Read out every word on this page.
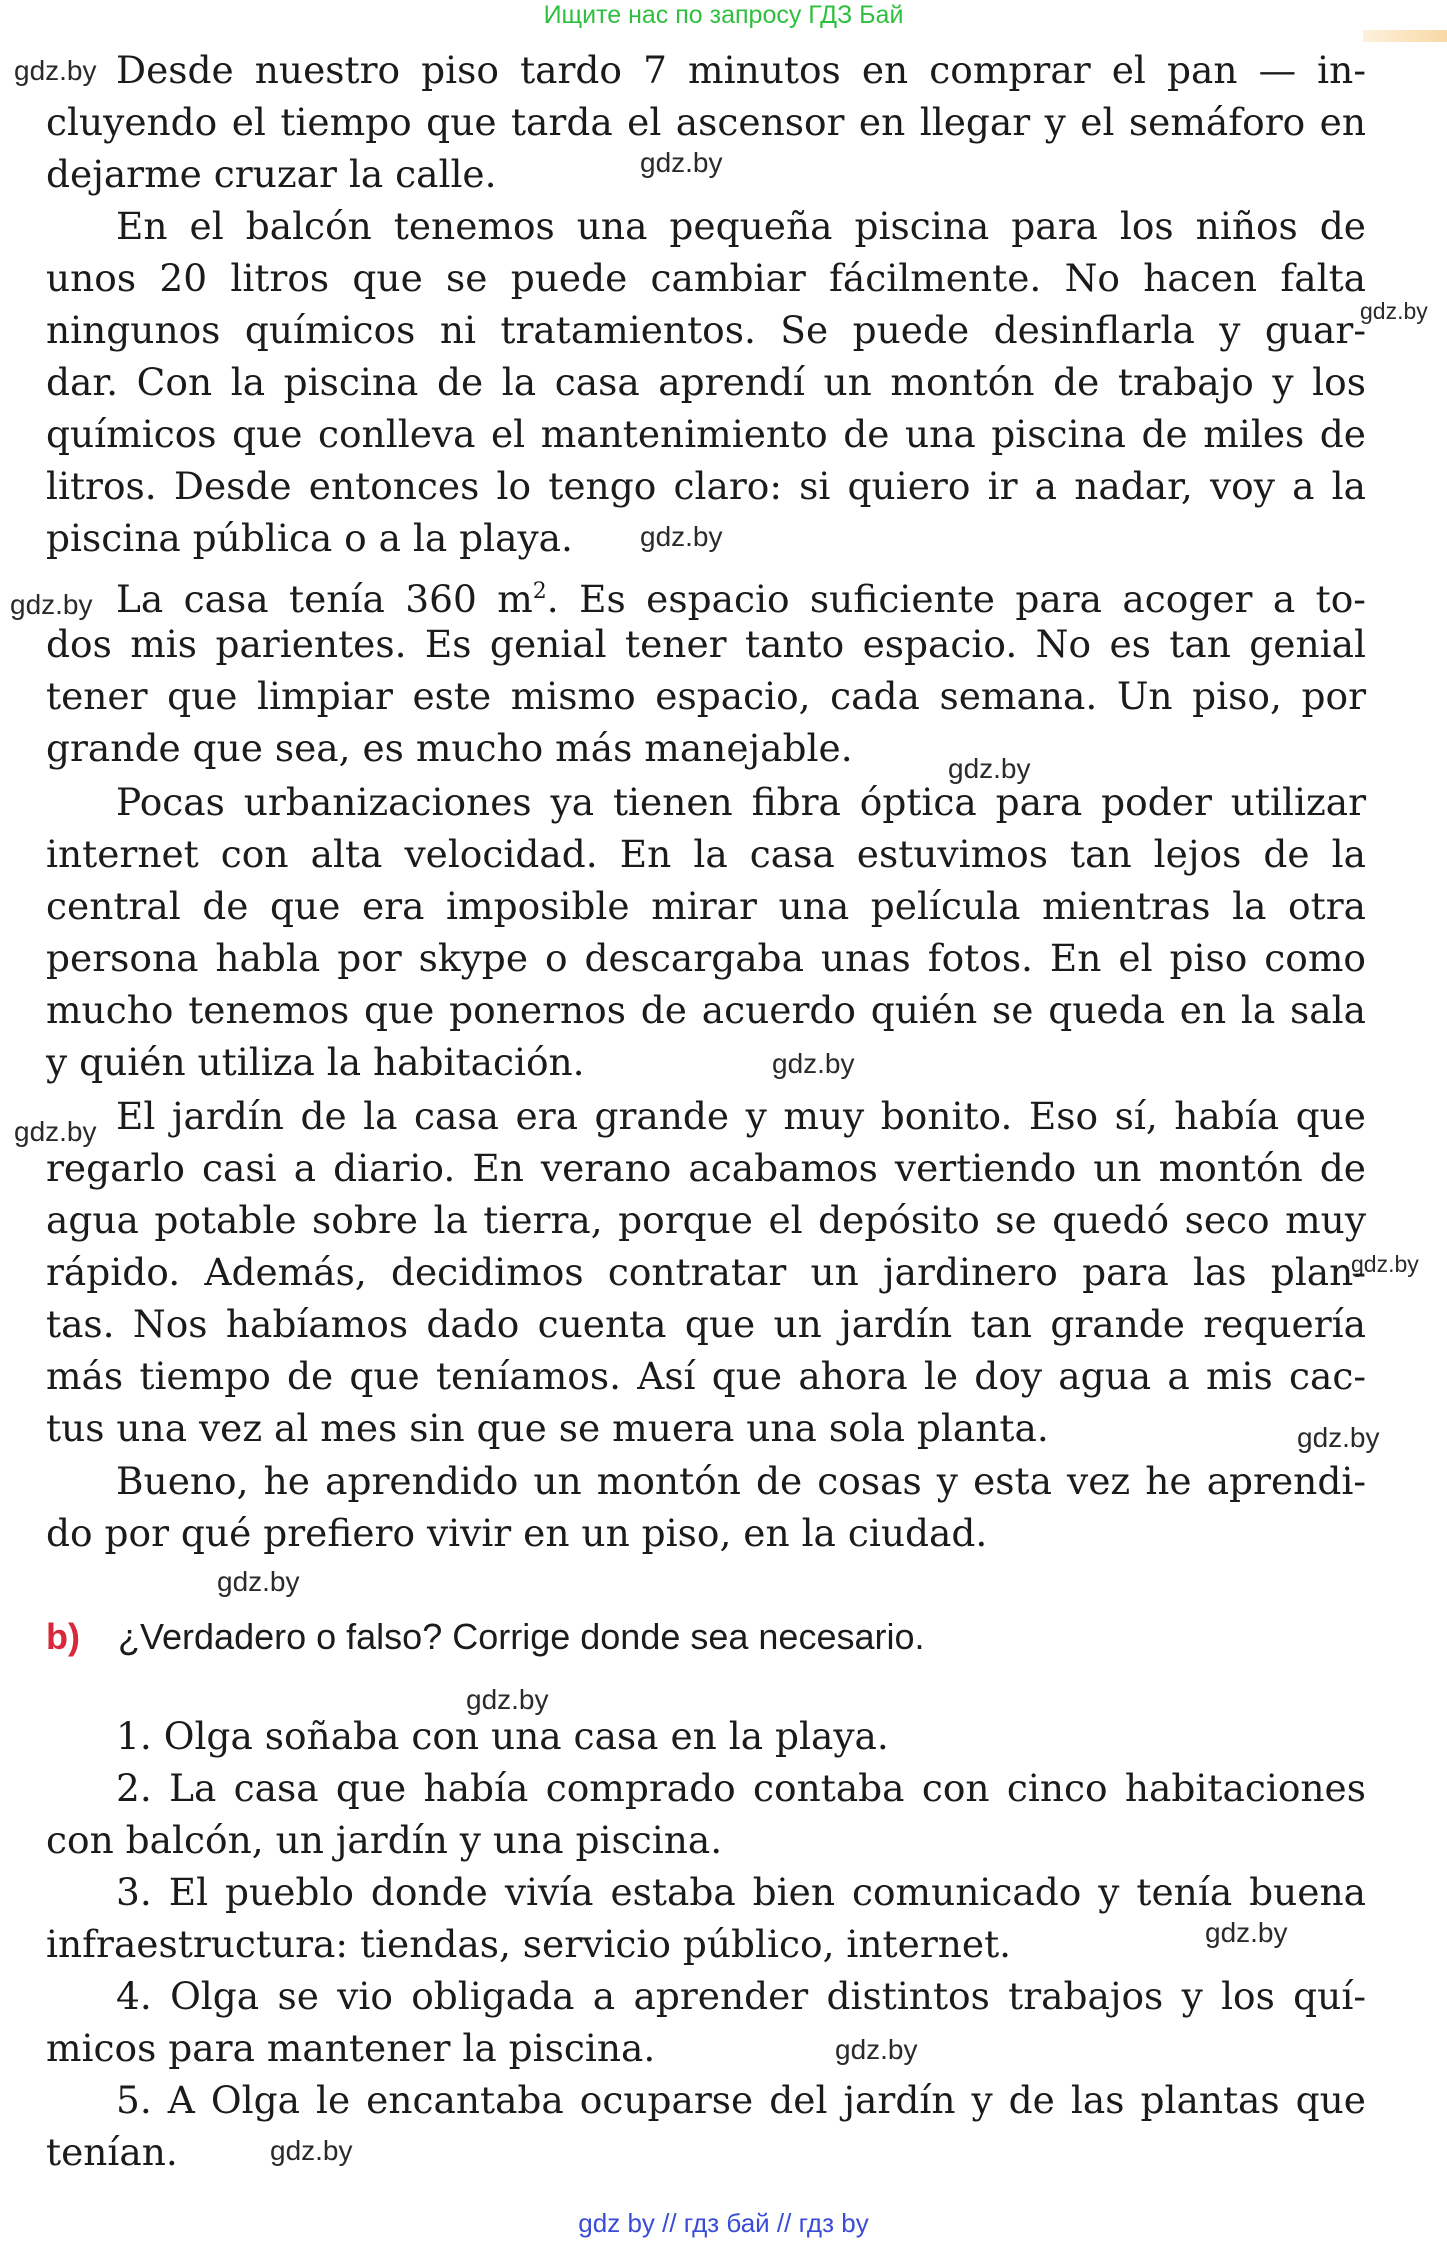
Ищите нас по запросу ГДЗ Бай
gdz.by
gdz.by
gdz.by
gdz.by
gdz.by
gdz.by
gdz.by
gdz.by
gdz.by
gdz.by
gdz.by
gdz.by
gdz.by
gdz.by
gdz.by
Desde nuestro piso tardo 7 minutos en comprar el pan — in-
cluyendo el tiempo que tarda el ascensor en llegar y el semáforo en
dejarme cruzar la calle.
En el balcón tenemos una pequeña piscina para los niños de
unos 20 litros que se puede cambiar fácilmente. No hacen falta
ningunos químicos ni tratamientos. Se puede desinflarla y guar-
dar. Con la piscina de la casa aprendí un montón de trabajo y los
químicos que conlleva el mantenimiento de una piscina de miles de
litros. Desde entonces lo tengo claro: si quiero ir a nadar, voy a la
piscina pública o a la playa.
La casa tenía 360 $m^2$. Es espacio suficiente para acoger a to-
dos mis parientes. Es genial tener tanto espacio. No es tan genial
tener que limpiar este mismo espacio, cada semana. Un piso, por
grande que sea, es mucho más manejable.
Pocas urbanizaciones ya tienen fibra óptica para poder utilizar
internet con alta velocidad. En la casa estuvimos tan lejos de la
central de que era imposible mirar una película mientras la otra
persona habla por skype o descargaba unas fotos. En el piso como
mucho tenemos que ponernos de acuerdo quién se queda en la sala
y quién utiliza la habitación.
El jardín de la casa era grande y muy bonito. Eso sí, había que
regarlo casi a diario. En verano acabamos vertiendo un montón de
agua potable sobre la tierra, porque el depósito se quedó seco muy
rápido. Además, decidimos contratar un jardinero para las plan-
tas. Nos habíamos dado cuenta que un jardín tan grande requería
más tiempo de que teníamos. Así que ahora le doy agua a mis cac-
tus una vez al mes sin que se muera una sola planta.
Bueno, he aprendido un montón de cosas y esta vez he aprendi-
do por qué prefiero vivir en un piso, en la ciudad.
b) ¿Verdadero o falso? Corrige donde sea necesario.
1. Olga soñaba con una casa en la playa.
2. La casa que había comprado contaba con cinco habitaciones
con balcón, un jardín y una piscina.
3. El pueblo donde vivía estaba bien comunicado y tenía buena
infraestructura: tiendas, servicio público, internet.
4. Olga se vio obligada a aprender distintos trabajos y los quí-
micos para mantener la piscina.
5. A Olga le encantaba ocuparse del jardín y de las plantas que
tenían.
gdz by // гдз бай // гдз by
